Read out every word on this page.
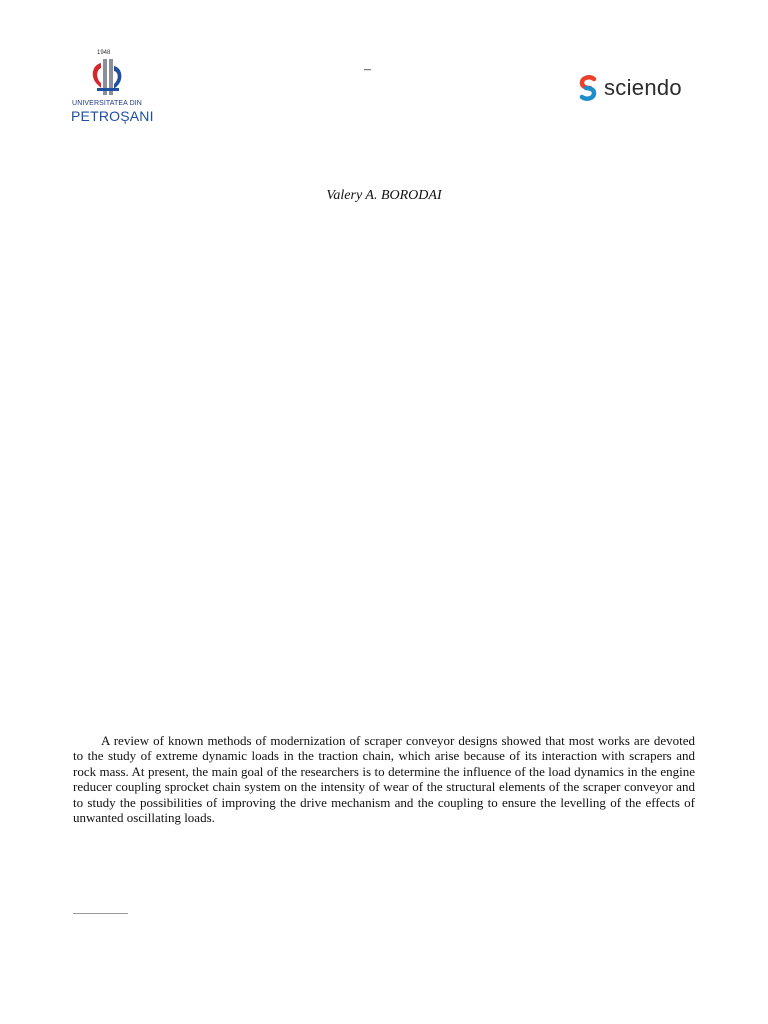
1948
UNIVERSITATEA DIN
PETROȘANI
–
sciendo
Valery A. BORODAI

A review of known methods of modernization of scraper conveyor designs showed that most works are devoted to the study of extreme dynamic loads in the traction chain, which arise because of its interaction with scrapers and rock mass. At present, the main goal of the researchers is to determine the influence of the load dynamics in the engine reducer coupling sprocket chain system on the intensity of wear of the structural elements of the scraper conveyor and to study the possibilities of improving the drive mechanism and the coupling to ensure the levelling of the effects of unwanted oscillating loads.
